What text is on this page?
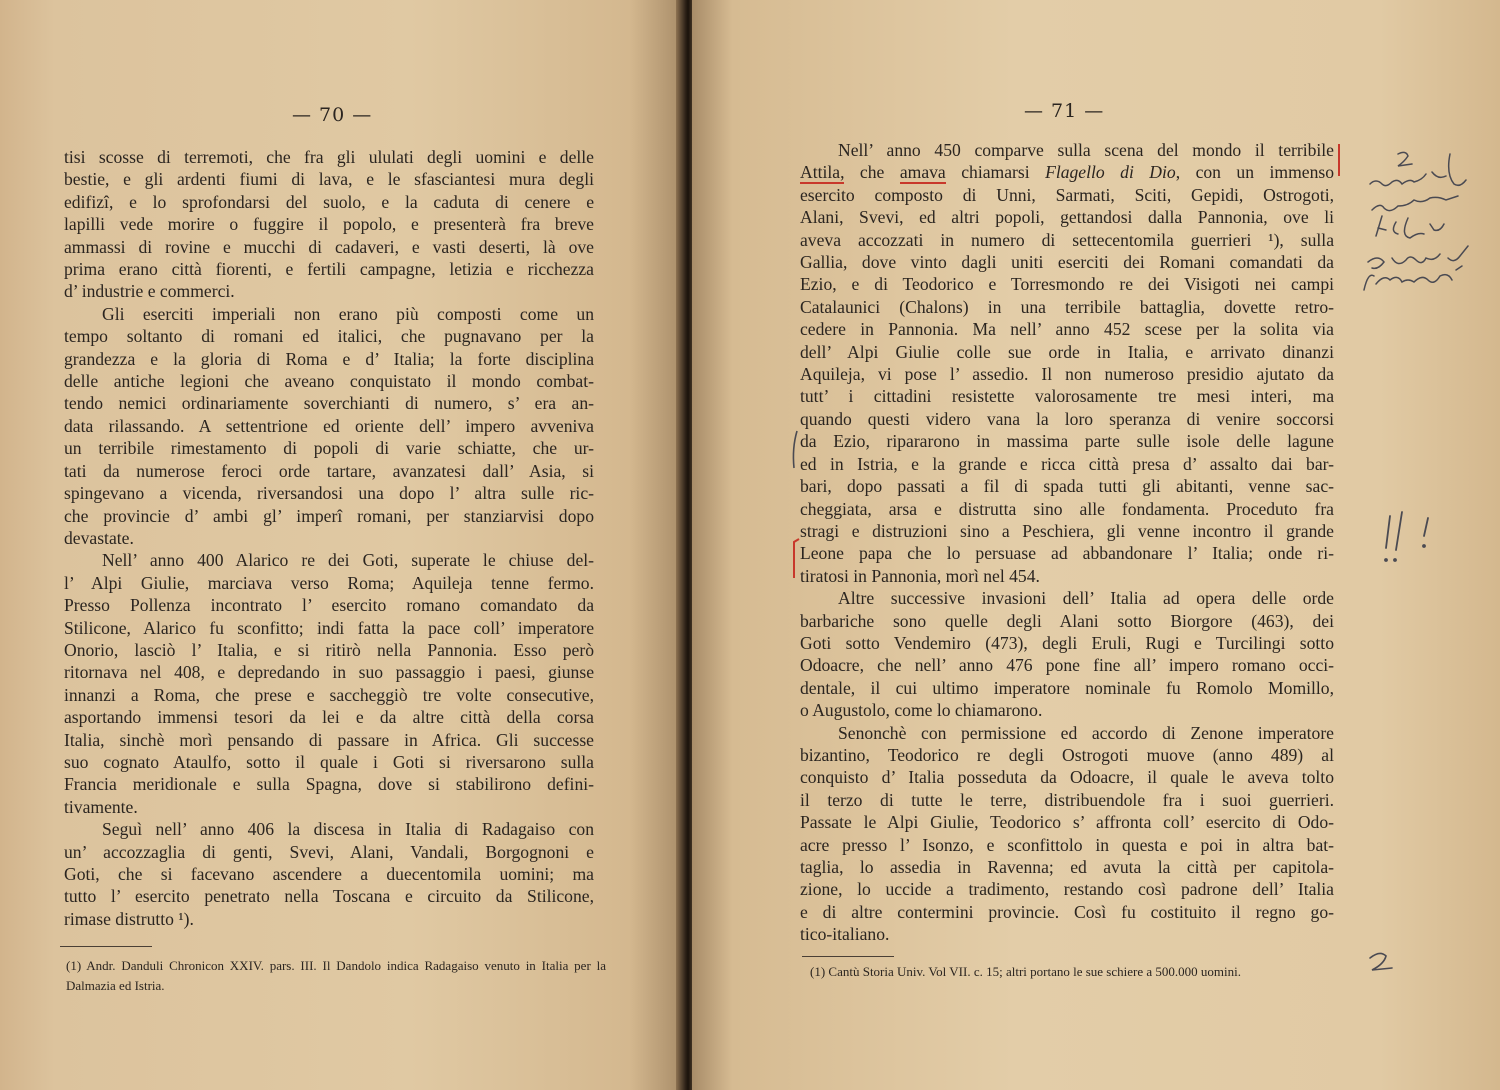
— 70 —
tisi scosse di terremoti, che fra gli ululati degli uomini e delle
bestie, e gli ardenti fiumi di lava, e le sfasciantesi mura degli
edifizî, e lo sprofondarsi del suolo, e la caduta di cenere e
lapilli vede morire o fuggire il popolo, e presenterà fra breve
ammassi di rovine e mucchi di cadaveri, e vasti deserti, là ove
prima erano città fiorenti, e fertili campagne, letizia e ricchezza
d’ industrie e commerci.
Gli eserciti imperiali non erano più composti come un
tempo soltanto di romani ed italici, che pugnavano per la
grandezza e la gloria di Roma e d’ Italia; la forte disciplina
delle antiche legioni che aveano conquistato il mondo combat-
tendo nemici ordinariamente soverchianti di numero, s’ era an-
data rilassando. A settentrione ed oriente dell’ impero avveniva
un terribile rimestamento di popoli di varie schiatte, che ur-
tati da numerose feroci orde tartare, avanzatesi dall’ Asia, si
spingevano a vicenda, riversandosi una dopo l’ altra sulle ric-
che provincie d’ ambi gl’ imperî romani, per stanziarvisi dopo
devastate.
Nell’ anno 400 Alarico re dei Goti, superate le chiuse del-
l’ Alpi Giulie, marciava verso Roma; Aquileja tenne fermo.
Presso Pollenza incontrato l’ esercito romano comandato da
Stilicone, Alarico fu sconfitto; indi fatta la pace coll’ imperatore
Onorio, lasciò l’ Italia, e si ritirò nella Pannonia. Esso però
ritornava nel 408, e depredando in suo passaggio i paesi, giunse
innanzi a Roma, che prese e saccheggiò tre volte consecutive,
asportando immensi tesori da lei e da altre città della corsa
Italia, sinchè morì pensando di passare in Africa. Gli successe
suo cognato Ataulfo, sotto il quale i Goti si riversarono sulla
Francia meridionale e sulla Spagna, dove si stabilirono defini-
tivamente.
Seguì nell’ anno 406 la discesa in Italia di Radagaiso con
un’ accozzaglia di genti, Svevi, Alani, Vandali, Borgognoni e
Goti, che si facevano ascendere a duecentomila uomini; ma
tutto l’ esercito penetrato nella Toscana e circuito da Stilicone,
rimase distrutto ¹).
(1) Andr. Danduli Chronicon XXIV. pars. III. Il Dandolo indica Radagaiso venuto in Italia per la Dalmazia ed Istria.
— 71 —
Nell’ anno 450 comparve sulla scena del mondo il terribile
Attila, che amava chiamarsi Flagello di Dio, con un immenso
esercito composto di Unni, Sarmati, Sciti, Gepidi, Ostrogoti,
Alani, Svevi, ed altri popoli, gettandosi dalla Pannonia, ove li
aveva accozzati in numero di settecentomila guerrieri ¹), sulla
Gallia, dove vinto dagli uniti eserciti dei Romani comandati da
Ezio, e di Teodorico e Torresmondo re dei Visigoti nei campi
Catalaunici (Chalons) in una terribile battaglia, dovette retro-
cedere in Pannonia. Ma nell’ anno 452 scese per la solita via
dell’ Alpi Giulie colle sue orde in Italia, e arrivato dinanzi
Aquileja, vi pose l’ assedio. Il non numeroso presidio ajutato da
tutt’ i cittadini resistette valorosamente tre mesi interi, ma
quando questi videro vana la loro speranza di venire soccorsi
da Ezio, ripararono in massima parte sulle isole delle lagune
ed in Istria, e la grande e ricca città presa d’ assalto dai bar-
bari, dopo passati a fil di spada tutti gli abitanti, venne sac-
cheggiata, arsa e distrutta sino alle fondamenta. Proceduto fra
stragi e distruzioni sino a Peschiera, gli venne incontro il grande
Leone papa che lo persuase ad abbandonare l’ Italia; onde ri-
tiratosi in Pannonia, morì nel 454.
Altre successive invasioni dell’ Italia ad opera delle orde
barbariche sono quelle degli Alani sotto Biorgore (463), dei
Goti sotto Vendemiro (473), degli Eruli, Rugi e Turcilingi sotto
Odoacre, che nell’ anno 476 pone fine all’ impero romano occi-
dentale, il cui ultimo imperatore nominale fu Romolo Momillo,
o Augustolo, come lo chiamarono.
Senonchè con permissione ed accordo di Zenone imperatore
bizantino, Teodorico re degli Ostrogoti muove (anno 489) al
conquisto d’ Italia posseduta da Odoacre, il quale le aveva tolto
il terzo di tutte le terre, distribuendole fra i suoi guerrieri.
Passate le Alpi Giulie, Teodorico s’ affronta coll’ esercito di Odo-
acre presso l’ Isonzo, e sconfittolo in questa e poi in altra bat-
taglia, lo assedia in Ravenna; ed avuta la città per capitola-
zione, lo uccide a tradimento, restando così padrone dell’ Italia
e di altre contermini provincie. Così fu costituito il regno go-
tico-italiano.
(1) Cantù Storia Univ. Vol VII. c. 15; altri portano le sue schiere a 500.000 uomini.
